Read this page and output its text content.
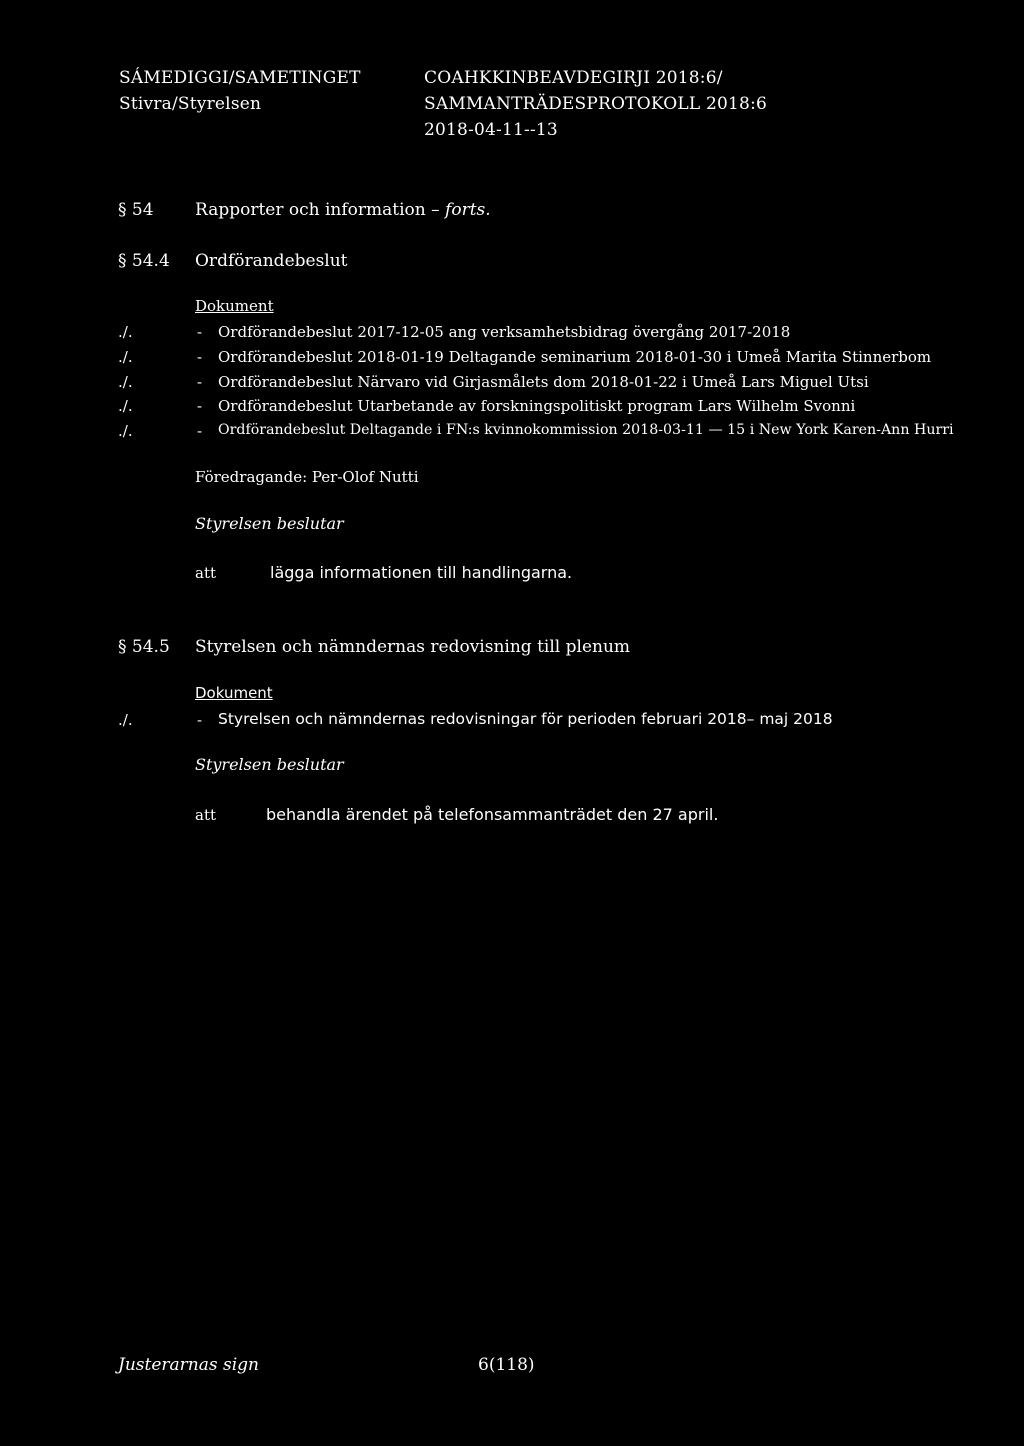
SÁMEDIGGI/SAMETINGET
Stivra/Styrelsen
COAHKKINBEAVDEGIRJI 2018:6/
SAMMANTRÄDESPROTOKOLL 2018:6
2018-04-11--13
§ 54 Rapporter och information – forts.
§ 54.4 Ordförandebeslut
Dokument
./.	- Ordförandebeslut 2017-12-05 ang verksamhetsbidrag övergång 2017-2018
./.	- Ordförandebeslut 2018-01-19 Deltagande seminarium 2018-01-30 i Umeå Marita Stinnerbom
./.	- Ordförandebeslut Närvaro vid Girjasmålets dom 2018-01-22 i Umeå Lars Miguel Utsi
./.	- Ordförandebeslut Utarbetande av forskningspolitiskt program Lars Wilhelm Svonni
./.	- Ordförandebeslut Deltagande i FN:s kvinnokommission 2018-03-11 — 15 i New York Karen-Ann Hurri
Föredragande: Per-Olof Nutti
Styrelsen beslutar
att	lägga informationen till handlingarna.
§ 54.5 Styrelsen och nämndernas redovisning till plenum
Dokument
./.	- Styrelsen och nämndernas redovisningar för perioden februari 2018– maj 2018
Styrelsen beslutar
att	behandla ärendet på telefonsammanträdet den 27 april.
Justerarnas sign	6(118)
